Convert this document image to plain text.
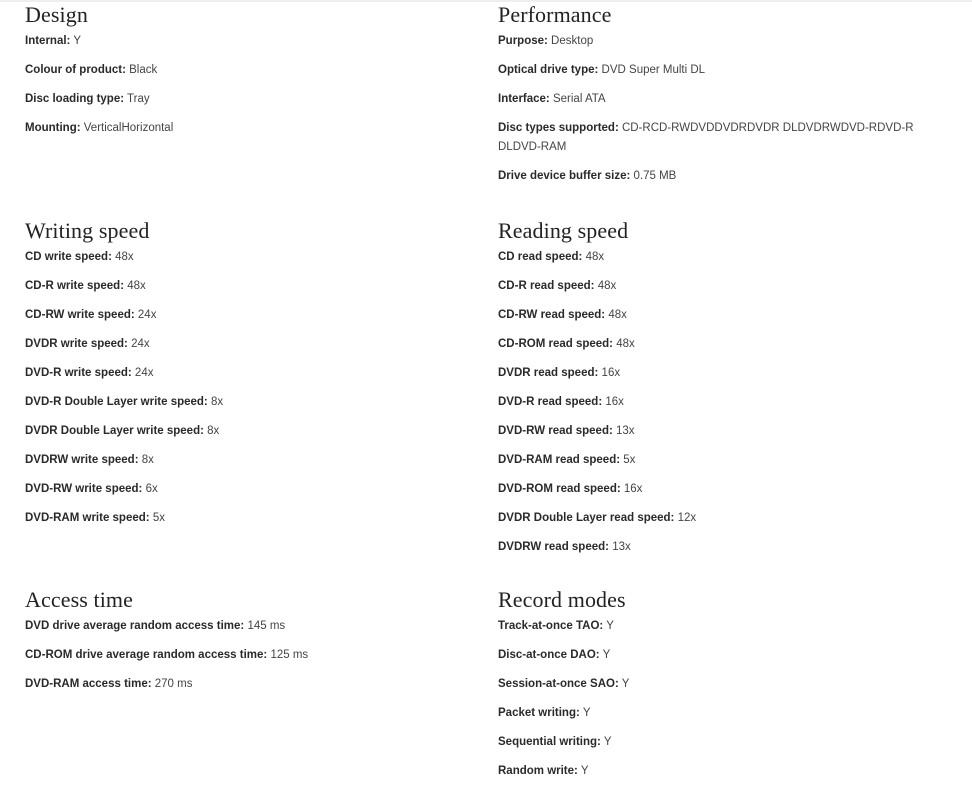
Design
Internal: Y
Colour of product: Black
Disc loading type: Tray
Mounting: VerticalHorizontal
Performance
Purpose: Desktop
Optical drive type: DVD Super Multi DL
Interface: Serial ATA
Disc types supported: CD-RCD-RWDVDDVDRDVDR DLDVDRWDVD-RDVD-R DLDVD-RAM
Drive device buffer size: 0.75 MB
Writing speed
CD write speed: 48x
CD-R write speed: 48x
CD-RW write speed: 24x
DVDR write speed: 24x
DVD-R write speed: 24x
DVD-R Double Layer write speed: 8x
DVDR Double Layer write speed: 8x
DVDRW write speed: 8x
DVD-RW write speed: 6x
DVD-RAM write speed: 5x
Reading speed
CD read speed: 48x
CD-R read speed: 48x
CD-RW read speed: 48x
CD-ROM read speed: 48x
DVDR read speed: 16x
DVD-R read speed: 16x
DVD-RW read speed: 13x
DVD-RAM read speed: 5x
DVD-ROM read speed: 16x
DVDR Double Layer read speed: 12x
DVDRW read speed: 13x
Access time
DVD drive average random access time: 145 ms
CD-ROM drive average random access time: 125 ms
DVD-RAM access time: 270 ms
Record modes
Track-at-once TAO: Y
Disc-at-once DAO: Y
Session-at-once SAO: Y
Packet writing: Y
Sequential writing: Y
Random write: Y
